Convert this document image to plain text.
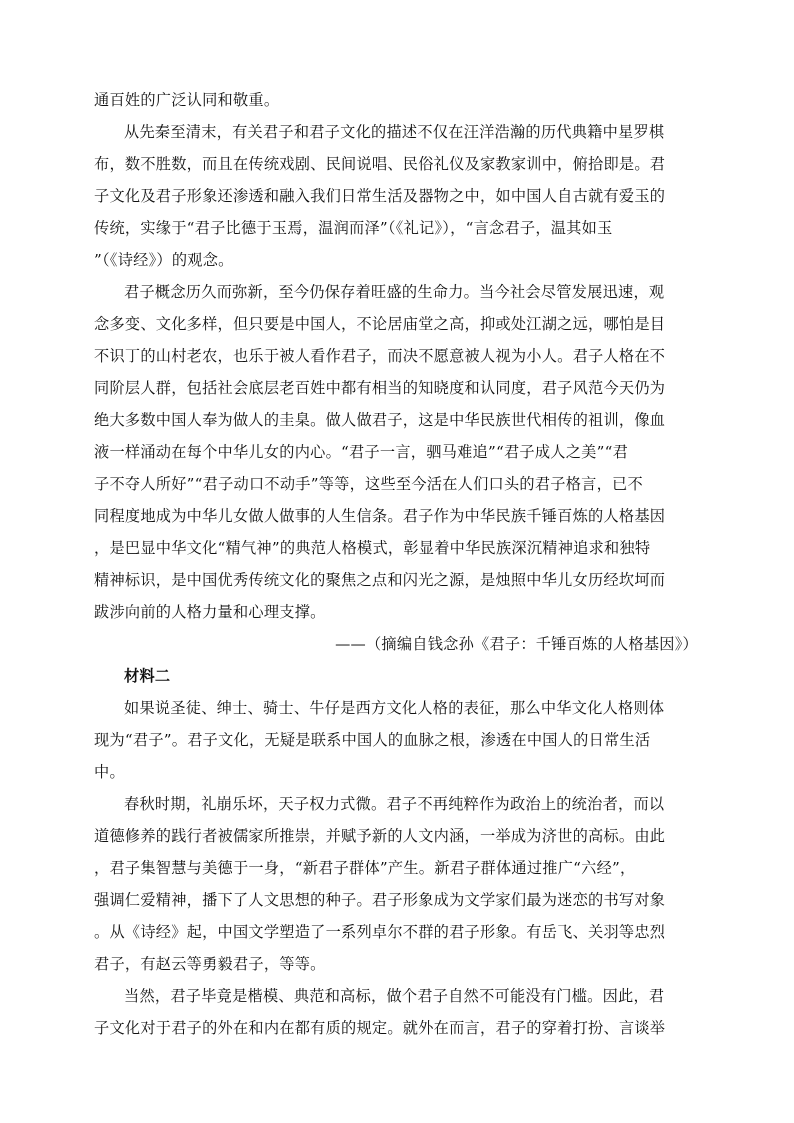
通百姓的广泛认同和敬重。
从先秦至清末，有关君子和君子文化的描述不仅在汪洋浩瀚的历代典籍中星罗棋
布，数不胜数，而且在传统戏剧、民间说唱、民俗礼仪及家教家训中，俯拾即是。君
子文化及君子形象还渗透和融入我们日常生活及器物之中，如中国人自古就有爱玉的
传统，实缘于“君子比德于玉焉，温润而泽”（《礼记》），“言念君子，温其如玉
”（《诗经》）的观念。
君子概念历久而弥新，至今仍保存着旺盛的生命力。当今社会尽管发展迅速，观
念多变、文化多样，但只要是中国人，不论居庙堂之高，抑或处江湖之远，哪怕是目
不识丁的山村老农，也乐于被人看作君子，而决不愿意被人视为小人。君子人格在不
同阶层人群，包括社会底层老百姓中都有相当的知晓度和认同度，君子风范今天仍为
绝大多数中国人奉为做人的圭臬。做人做君子，这是中华民族世代相传的祖训，像血
液一样涌动在每个中华儿女的内心。“君子一言，驷马难追”“君子成人之美”“君
子不夺人所好”“君子动口不动手”等等，这些至今活在人们口头的君子格言，已不
同程度地成为中华儿女做人做事的人生信条。君子作为中华民族千锤百炼的人格基因
，是巴显中华文化“精气神”的典范人格模式，彰显着中华民族深沉精神追求和独特
精神标识，是中国优秀传统文化的聚焦之点和闪光之源，是烛照中华儿女历经坎坷而
跋涉向前的人格力量和心理支撑。
——（摘编自钱念孙《君子：千锤百炼的人格基因》）
材料二
如果说圣徒、绅士、骑士、牛仔是西方文化人格的表征，那么中华文化人格则体
现为“君子”。君子文化，无疑是联系中国人的血脉之根，渗透在中国人的日常生活
中。
春秋时期，礼崩乐坏，天子权力式微。君子不再纯粹作为政治上的统治者，而以
道德修养的践行者被儒家所推崇，并赋予新的人文内涵，一举成为济世的高标。由此
，君子集智慧与美德于一身，“新君子群体”产生。新君子群体通过推广“六经”，
强调仁爱精神，播下了人文思想的种子。君子形象成为文学家们最为迷恋的书写对象
。从《诗经》起，中国文学塑造了一系列卓尔不群的君子形象。有岳飞、关羽等忠烈
君子，有赵云等勇毅君子，等等。
当然，君子毕竟是楷模、典范和高标，做个君子自然不可能没有门槛。因此，君
子文化对于君子的外在和内在都有质的规定。就外在而言，君子的穿着打扮、言谈举
